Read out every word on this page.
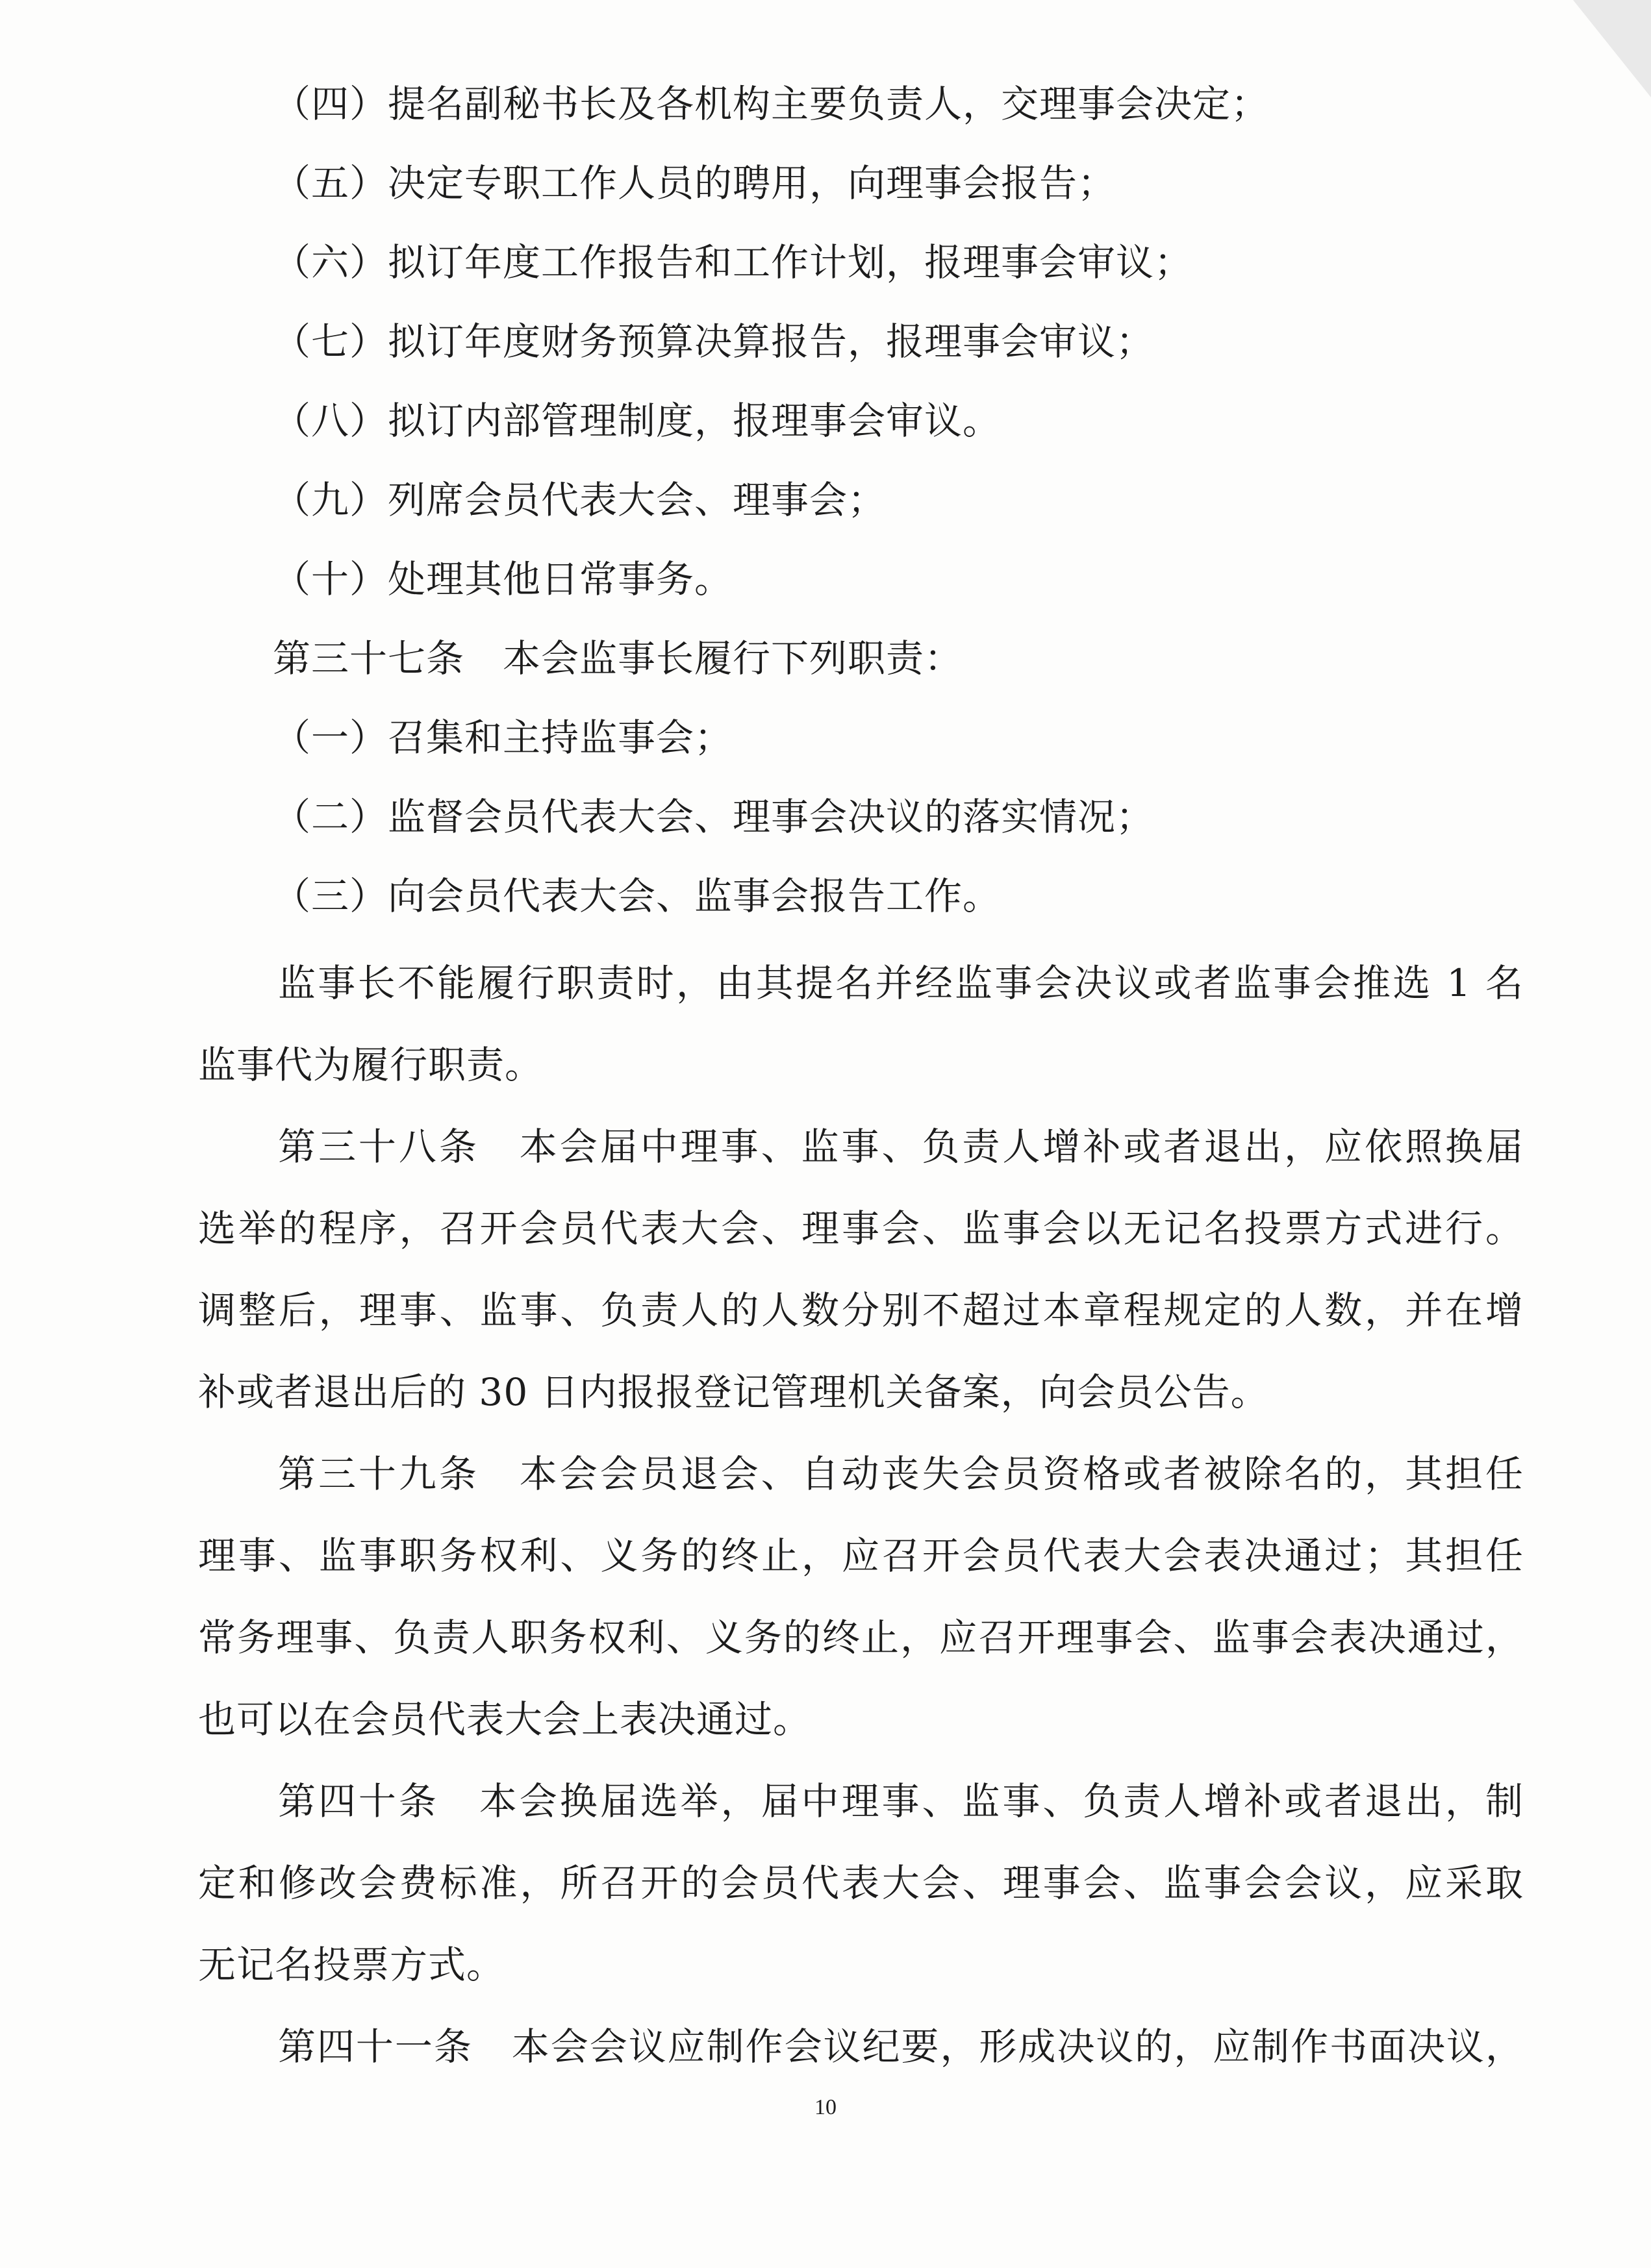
（四）提名副秘书长及各机构主要负责人，交理事会决定；

（五）决定专职工作人员的聘用，向理事会报告；

（六）拟订年度工作报告和工作计划，报理事会审议；

（七）拟订年度财务预算决算报告，报理事会审议；

（八）拟订内部管理制度，报理事会审议。

（九）列席会员代表大会、理事会；

（十）处理其他日常事务。

第三十七条　本会监事长履行下列职责：

（一）召集和主持监事会；

（二）监督会员代表大会、理事会决议的落实情况；

（三）向会员代表大会、监事会报告工作。

监事长不能履行职责时，由其提名并经监事会决议或者监事会推选 1 名

监事代为履行职责。

第三十八条　本会届中理事、监事、负责人增补或者退出，应依照换届

选举的程序，召开会员代表大会、理事会、监事会以无记名投票方式进行。

调整后，理事、监事、负责人的人数分别不超过本章程规定的人数，并在增

补或者退出后的 30 日内报报登记管理机关备案，向会员公告。

第三十九条　本会会员退会、自动丧失会员资格或者被除名的，其担任

理事、监事职务权利、义务的终止，应召开会员代表大会表决通过；其担任

常务理事、负责人职务权利、义务的终止，应召开理事会、监事会表决通过，

也可以在会员代表大会上表决通过。

第四十条　本会换届选举，届中理事、监事、负责人增补或者退出，制

定和修改会费标准，所召开的会员代表大会、理事会、监事会会议，应采取

无记名投票方式。

第四十一条　本会会议应制作会议纪要，形成决议的，应制作书面决议，

10
